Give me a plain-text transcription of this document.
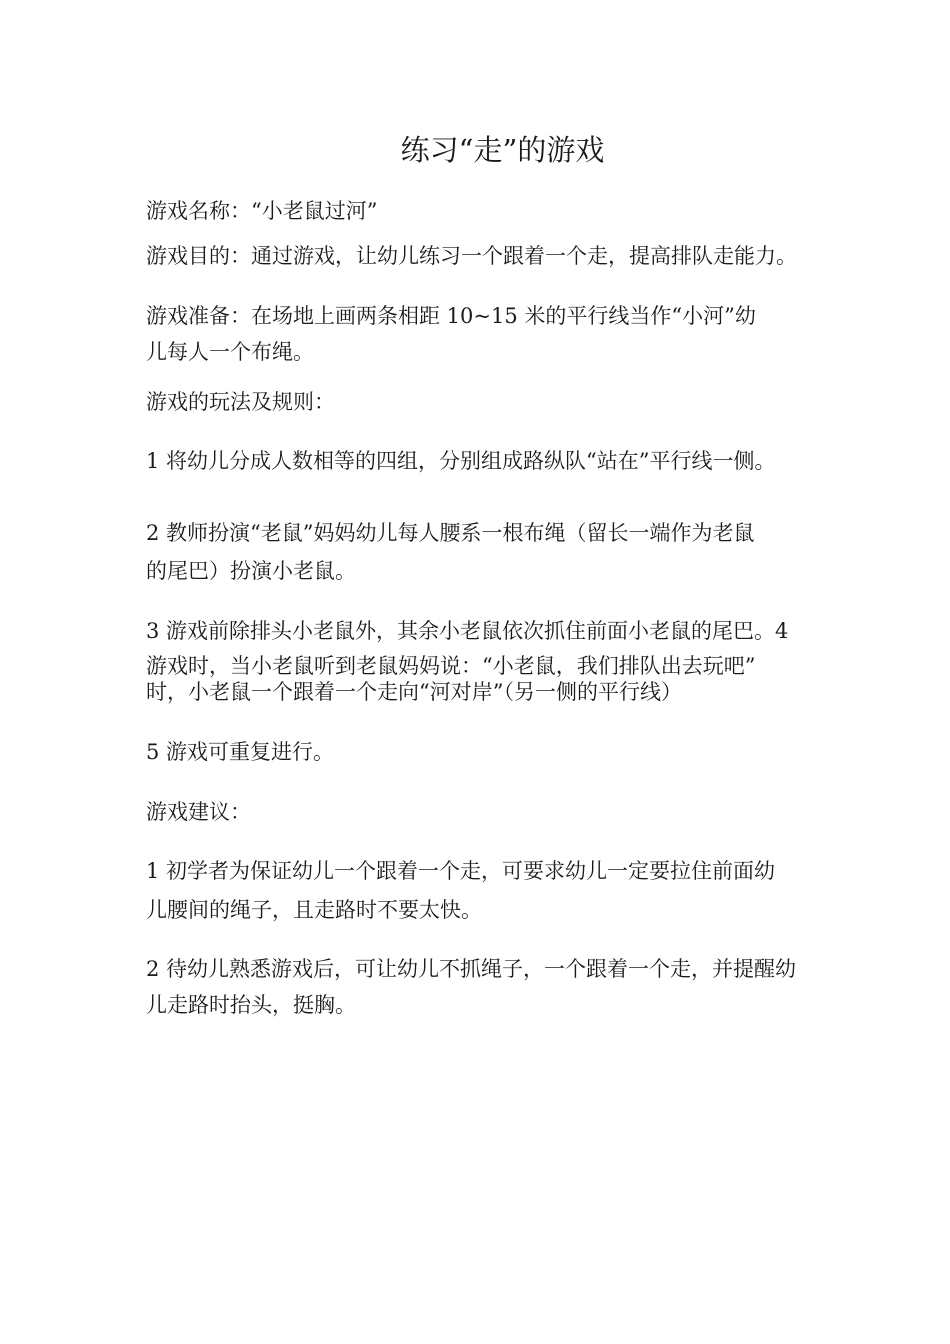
练习“走”的游戏
游戏名称：“小老鼠过河”
游戏目的：通过游戏，让幼儿练习一个跟着一个走，提高排队走能力。
游戏准备：在场地上画两条相距 10~15 米的平行线当作“小河”幼
儿每人一个布绳。
游戏的玩法及规则：
1 将幼儿分成人数相等的四组，分别组成路纵队“站在”平行线一侧。
2 教师扮演“老鼠”妈妈幼儿每人腰系一根布绳（留长一端作为老鼠
的尾巴）扮演小老鼠。
3 游戏前除排头小老鼠外，其余小老鼠依次抓住前面小老鼠的尾巴。4
游戏时，当小老鼠听到老鼠妈妈说：“小老鼠，我们排队出去玩吧”
时，小老鼠一个跟着一个走向“河对岸”（另一侧的平行线）
5 游戏可重复进行。
游戏建议：
1 初学者为保证幼儿一个跟着一个走，可要求幼儿一定要拉住前面幼
儿腰间的绳子，且走路时不要太快。
2 待幼儿熟悉游戏后，可让幼儿不抓绳子，一个跟着一个走，并提醒幼
儿走路时抬头，挺胸。
